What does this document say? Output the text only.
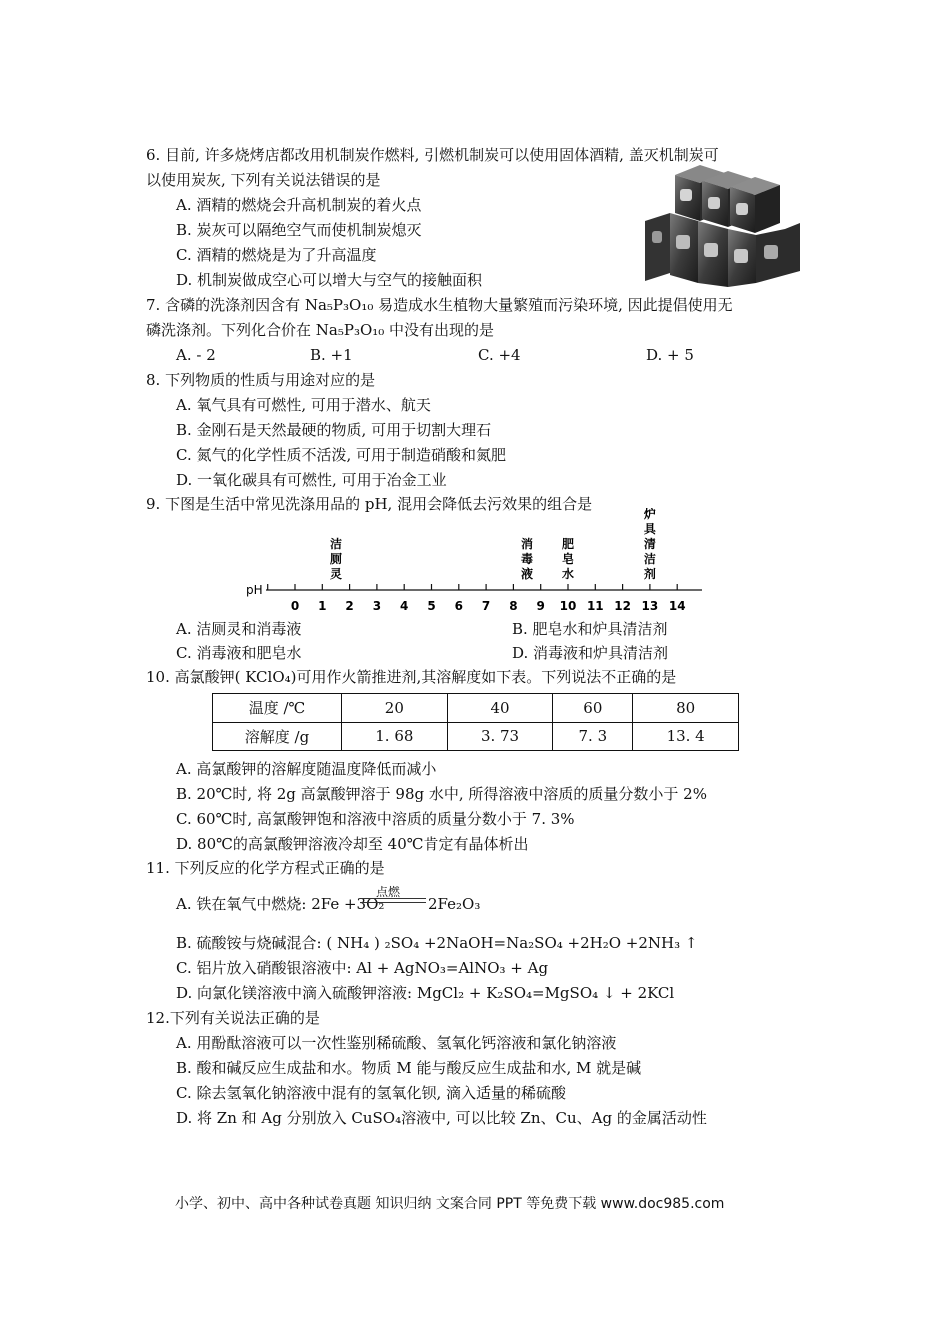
6. 目前, 许多烧烤店都改用机制炭作燃料, 引燃机制炭可以使用固体酒精, 盖灭机制炭可
以使用炭灰, 下列有关说法错误的是
A. 酒精的燃烧会升高机制炭的着火点
B. 炭灰可以隔绝空气而使机制炭熄灭
C. 酒精的燃烧是为了升高温度
D. 机制炭做成空心可以增大与空气的接触面积
7. 含磷的洗涤剂因含有 Na₅P₃O₁₀ 易造成水生植物大量繁殖而污染环境, 因此提倡使用无
磷洗涤剂。下列化合价在 Na₅P₃O₁₀ 中没有出现的是
A. - 2	B. +1	C. +4	D. + 5
8. 下列物质的性质与用途对应的是
A. 氧气具有可燃性, 可用于潜水、航天
B. 金刚石是天然最硬的物质, 可用于切割大理石
C. 氮气的化学性质不活泼, 可用于制造硝酸和氮肥
D. 一氧化碳具有可燃性, 可用于冶金工业
9. 下图是生活中常见洗涤用品的 pH, 混用会降低去污效果的组合是
pH
0 1 2 3 4 5 6 7 8 9 10 11 12 13 14
洁厕灵
消毒液
肥皂水
炉具清洁剂
A. 洁厕灵和消毒液	B. 肥皂水和炉具清洁剂
C. 消毒液和肥皂水	D. 消毒液和炉具清洁剂
10. 高氯酸钾( KClO₄)可用作火箭推进剂,其溶解度如下表。下列说法不正确的是
温度 /℃	20	40	60	80
溶解度 /g	1. 68	3. 73	7. 3	13. 4
A. 高氯酸钾的溶解度随温度降低而减小
B. 20℃时, 将 2g 高氯酸钾溶于 98g 水中, 所得溶液中溶质的质量分数小于 2%
C. 60℃时, 高氯酸钾饱和溶液中溶质的质量分数小于 7. 3%
D. 80℃的高氯酸钾溶液冷却至 40℃肯定有晶体析出
11. 下列反应的化学方程式正确的是
A. 铁在氧气中燃烧: 2Fe +3O₂
点燃
2Fe₂O₃
B. 硫酸铵与烧碱混合: ( NH₄ ) ₂SO₄ +2NaOH=Na₂SO₄ +2H₂O +2NH₃ ↑
C. 铝片放入硝酸银溶液中: Al + AgNO₃=AlNO₃ + Ag
D. 向氯化镁溶液中滴入硫酸钾溶液: MgCl₂ + K₂SO₄=MgSO₄ ↓ + 2KCl
12.下列有关说法正确的是
A. 用酚酞溶液可以一次性鉴别稀硫酸、氢氧化钙溶液和氯化钠溶液
B. 酸和碱反应生成盐和水。物质 M 能与酸反应生成盐和水, M 就是碱
C. 除去氢氧化钠溶液中混有的氢氧化钡, 滴入适量的稀硫酸
D. 将 Zn 和 Ag 分别放入 CuSO₄溶液中, 可以比较 Zn、Cu、Ag 的金属活动性
小学、初中、高中各种试卷真题 知识归纳 文案合同 PPT 等免费下载 www.doc985.com
